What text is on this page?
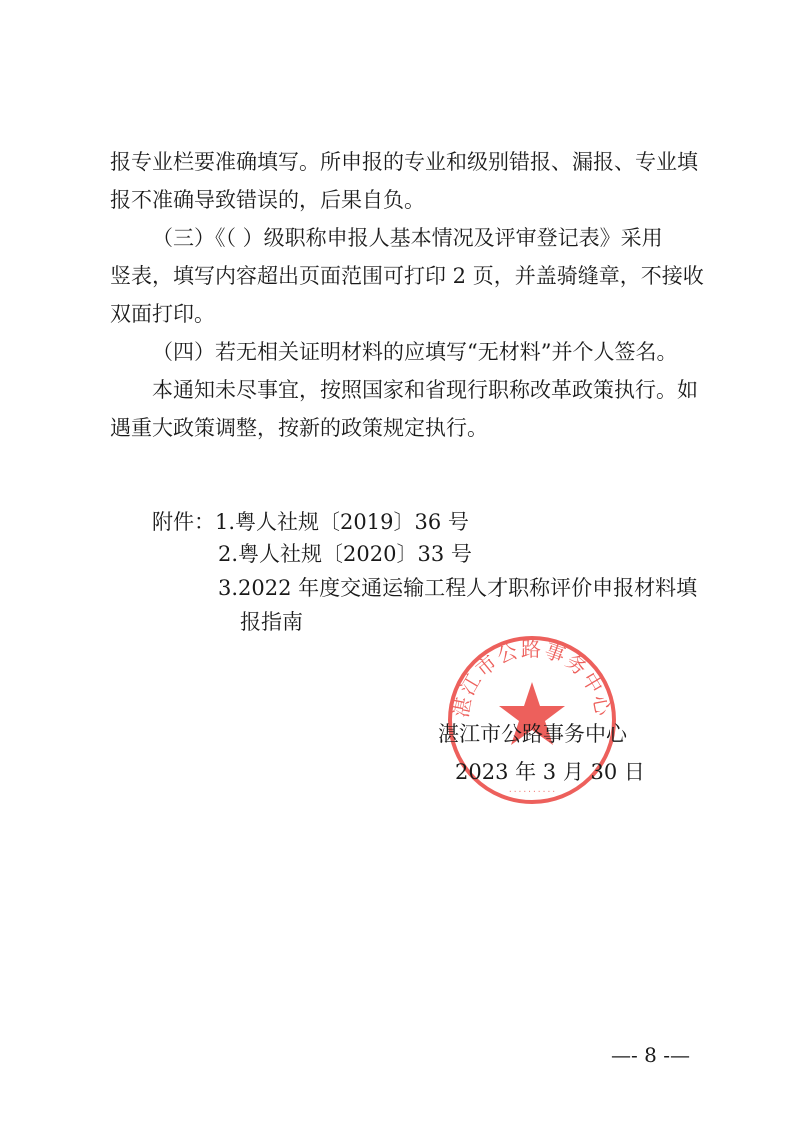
报专业栏要准确填写。所申报的专业和级别错报、漏报、专业填
报不准确导致错误的，后果自负。
（三）《（ ）级职称申报人基本情况及评审登记表》采用
竖表，填写内容超出页面范围可打印 2 页，并盖骑缝章，不接收
双面打印。
（四）若无相关证明材料的应填写“无材料”并个人签名。
本通知未尽事宜，按照国家和省现行职称改革政策执行。如
遇重大政策调整，按新的政策规定执行。
附件：1.粤人社规〔2019〕36 号
2.粤人社规〔2020〕33 号
3.2022 年度交通运输工程人才职称评价申报材料填
报指南
湛江市公路事务中心
··········
湛江市公路事务中心
2023 年 3 月 30 日
—- 8 -—
